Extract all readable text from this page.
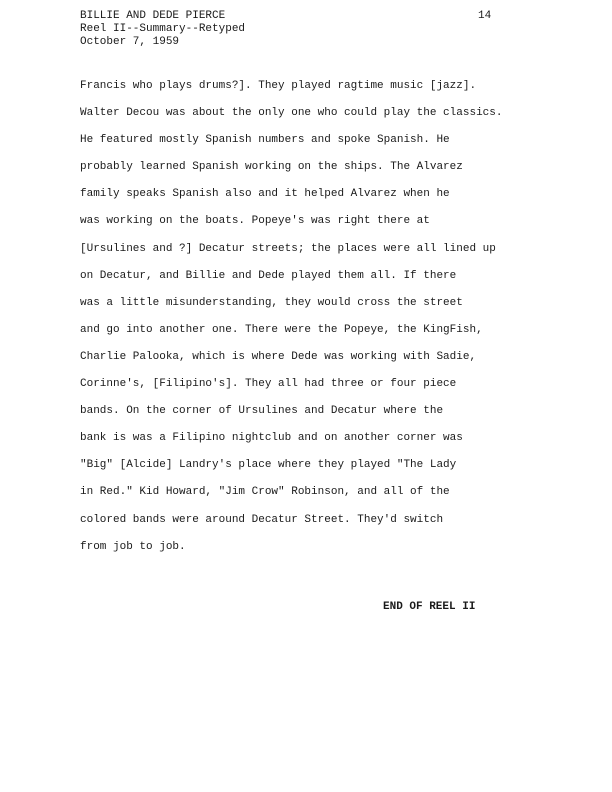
BILLIE AND DEDE PIERCE
Reel II--Summary--Retyped
October 7, 1959
14
Francis who plays drums?]. They played ragtime music [jazz].
Walter Decou was about the only one who could play the classics.
He featured mostly Spanish numbers and spoke Spanish. He
probably learned Spanish working on the ships. The Alvarez
family speaks Spanish also and it helped Alvarez when he
was working on the boats. Popeye's was right there at
[Ursulines and ?] Decatur streets; the places were all lined up
on Decatur, and Billie and Dede played them all. If there
was a little misunderstanding, they would cross the street
and go into another one. There were the Popeye, the KingFish,
Charlie Palooka, which is where Dede was working with Sadie,
Corinne's, [Filipino's]. They all had three or four piece
bands. On the corner of Ursulines and Decatur where the
bank is was a Filipino nightclub and on another corner was
"Big" [Alcide] Landry's place where they played "The Lady
in Red." Kid Howard, "Jim Crow" Robinson, and all of the
colored bands were around Decatur Street. They'd switch
from job to job.
END OF REEL II
